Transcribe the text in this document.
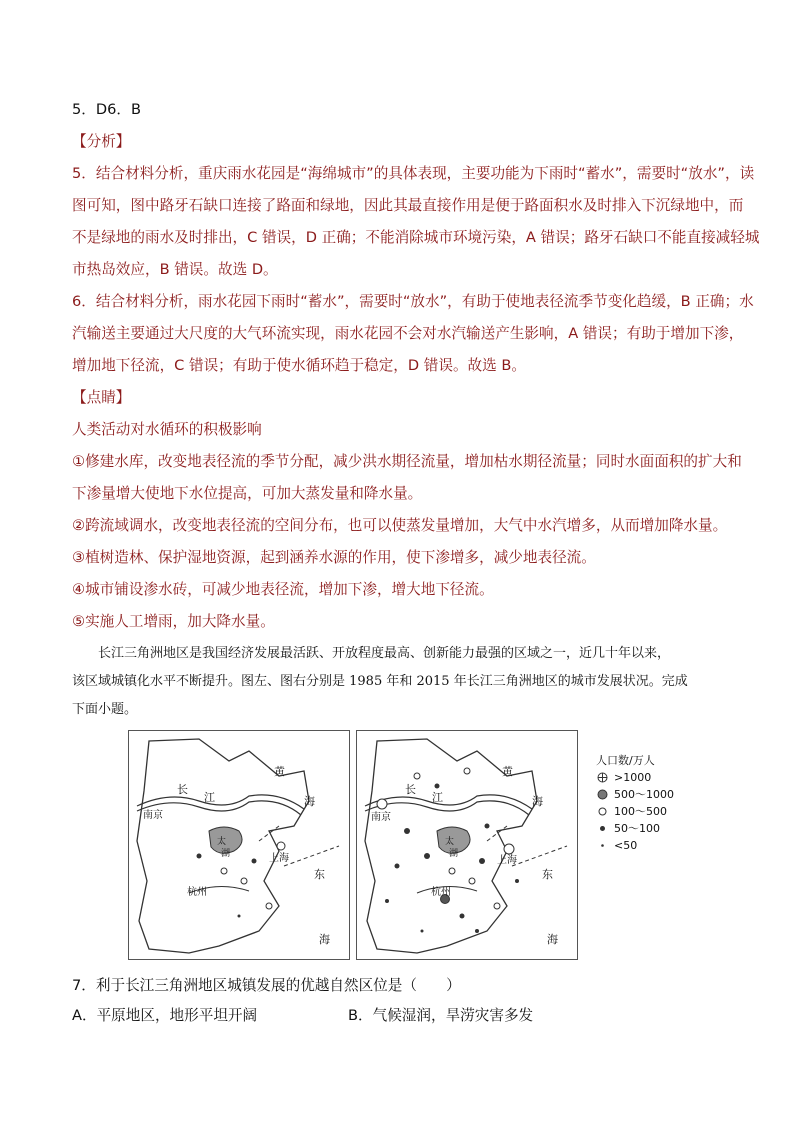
5．D6．B
【分析】
5．结合材料分析，重庆雨水花园是“海绵城市”的具体表现，主要功能为下雨时“蓄水”，需要时“放水”，读
图可知，图中路牙石缺口连接了路面和绿地，因此其最直接作用是便于路面积水及时排入下沉绿地中，而
不是绿地的雨水及时排出，C 错误，D 正确；不能消除城市环境污染，A 错误；路牙石缺口不能直接减轻城
市热岛效应，B 错误。故选 D。
6．结合材料分析，雨水花园下雨时“蓄水”，需要时“放水”，有助于使地表径流季节变化趋缓，B 正确；水
汽输送主要通过大尺度的大气环流实现，雨水花园不会对水汽输送产生影响，A 错误；有助于增加下渗，
增加地下径流，C 错误；有助于使水循环趋于稳定，D 错误。故选 B。
【点睛】
人类活动对水循环的积极影响
①修建水库，改变地表径流的季节分配，减少洪水期径流量，增加枯水期径流量；同时水面面积的扩大和
下渗量增大使地下水位提高，可加大蒸发量和降水量。
②跨流域调水，改变地表径流的空间分布，也可以使蒸发量增加，大气中水汽增多，从而增加降水量。
③植树造林、保护湿地资源，起到涵养水源的作用，使下渗增多，减少地表径流。
④城市铺设渗水砖，可减少地表径流，增加下渗，增大地下径流。
⑤实施人工增雨，加大降水量。
　　长江三角洲地区是我国经济发展最活跃、开放程度最高、创新能力最强的区域之一，近几十年以来，
该区域城镇化水平不断提升。图左、图右分别是 1985 年和 2015 年长江三角洲地区的城市发展状况。完成
下面小题。
黄
海
长
江
南京
上海
杭州
太
湖
东
海
黄
海
长
江
南京
上海
杭州
太
湖
东
海
人口数/万人
>1000
500～1000
100～500
50～100
<50
7．利于长江三角洲地区城镇发展的优越自然区位是（　　）
A．平原地区，地形平坦开阔	B．气候湿润，旱涝灾害多发
